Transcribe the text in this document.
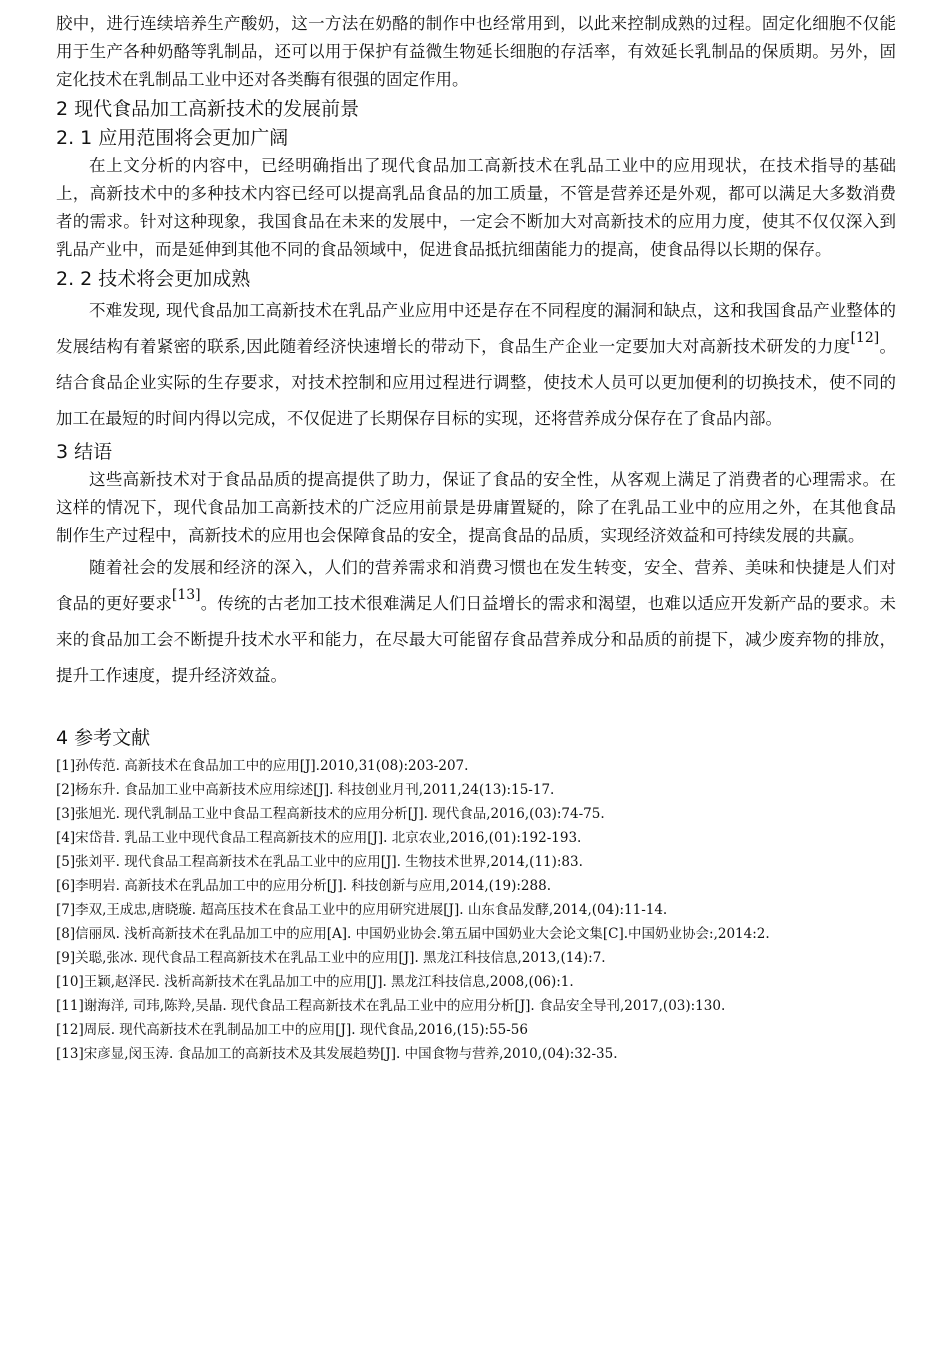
胶中，进行连续培养生产酸奶，这一方法在奶酪的制作中也经常用到，以此来控制成熟的过程。固定化细胞不仅能用于生产各种奶酪等乳制品，还可以用于保护有益微生物延长细胞的存活率，有效延长乳制品的保质期。另外，固定化技术在乳制品工业中还对各类酶有很强的固定作用。

2 现代食品加工高新技术的发展前景
2. 1 应用范围将会更加广阔

在上文分析的内容中，已经明确指出了现代食品加工高新技术在乳品工业中的应用现状，在技术指导的基础上，高新技术中的多种技术内容已经可以提高乳品食品的加工质量，不管是营养还是外观，都可以满足大多数消费者的需求。针对这种现象，我国食品在未来的发展中，一定会不断加大对高新技术的应用力度，使其不仅仅深入到乳品产业中，而是延伸到其他不同的食品领域中，促进食品抵抗细菌能力的提高，使食品得以长期的保存。

2. 2 技术将会更加成熟

不难发现, 现代食品加工高新技术在乳品产业应用中还是存在不同程度的漏洞和缺点，这和我国食品产业整体的发展结构有着紧密的联系,因此随着经济快速增长的带动下，食品生产企业一定要加大对高新技术研发的力度[12]。结合食品企业实际的生存要求，对技术控制和应用过程进行调整，使技术人员可以更加便利的切换技术，使不同的加工在最短的时间内得以完成，不仅促进了长期保存目标的实现，还将营养成分保存在了食品内部。

3 结语

这些高新技术对于食品品质的提高提供了助力，保证了食品的安全性，从客观上满足了消费者的心理需求。在这样的情况下，现代食品加工高新技术的广泛应用前景是毋庸置疑的，除了在乳品工业中的应用之外，在其他食品制作生产过程中，高新技术的应用也会保障食品的安全，提高食品的品质，实现经济效益和可持续发展的共赢。

随着社会的发展和经济的深入，人们的营养需求和消费习惯也在发生转变，安全、营养、美味和快捷是人们对食品的更好要求[13]。传统的古老加工技术很难满足人们日益增长的需求和渴望，也难以适应开发新产品的要求。未来的食品加工会不断提升技术水平和能力，在尽最大可能留存食品营养成分和品质的前提下，减少废弃物的排放，提升工作速度，提升经济效益。

4 参考文献

[1]孙传范. 高新技术在食品加工中的应用[J].2010,31(08):203-207.

[2]杨东升. 食品加工业中高新技术应用综述[J]. 科技创业月刊,2011,24(13):15-17.

[3]张旭光. 现代乳制品工业中食品工程高新技术的应用分析[J]. 现代食品,2016,(03):74-75.

[4]宋岱昔. 乳品工业中现代食品工程高新技术的应用[J]. 北京农业,2016,(01):192-193.

[5]张刘平. 现代食品工程高新技术在乳品工业中的应用[J]. 生物技术世界,2014,(11):83.

[6]李明岩. 高新技术在乳品加工中的应用分析[J]. 科技创新与应用,2014,(19):288.

[7]李双,王成忠,唐晓璇. 超高压技术在食品工业中的应用研究进展[J]. 山东食品发酵,2014,(04):11-14.

[8]信丽凤. 浅析高新技术在乳品加工中的应用[A]. 中国奶业协会.第五届中国奶业大会论文集[C].中国奶业协会:,2014:2.

[9]关聪,张冰. 现代食品工程高新技术在乳品工业中的应用[J]. 黑龙江科技信息,2013,(14):7.

[10]王颖,赵泽民. 浅析高新技术在乳品加工中的应用[J]. 黑龙江科技信息,2008,(06):1.

[11]谢海洋, 司玮,陈羚,吴晶. 现代食品工程高新技术在乳品工业中的应用分析[J]. 食品安全导刊,2017,(03):130.

[12]周辰. 现代高新技术在乳制品加工中的应用[J]. 现代食品,2016,(15):55-56

[13]宋彦显,闵玉涛. 食品加工的高新技术及其发展趋势[J]. 中国食物与营养,2010,(04):32-35.
